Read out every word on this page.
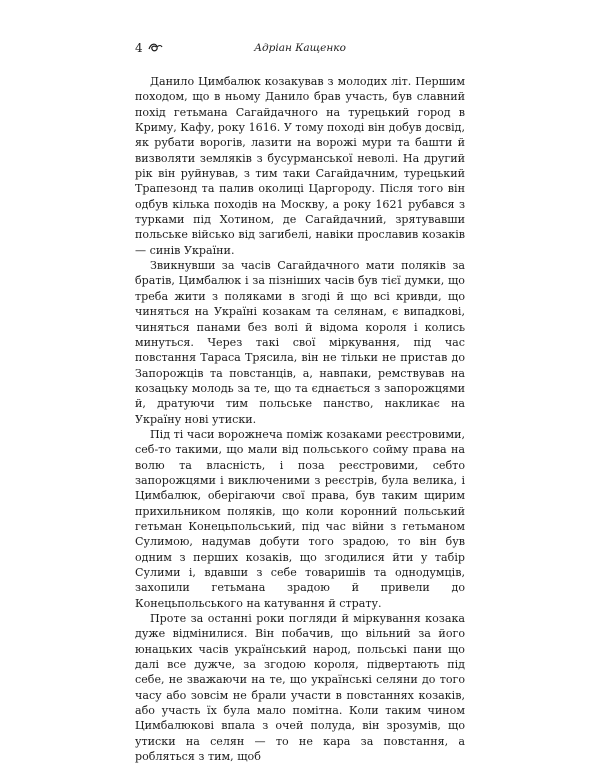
4	Адріан Кащенко

Данило Цимбалюк козакував з молодих літ. Першим походом, що в ньому Данило брав участь, був славний похід гетьмана Сагайдачного на турецький город в Криму, Кафу, року 1616. У тому поході він добув досвід, як рубати ворогів, лазити на ворожі мури та башти й визволяти земляків з бусурманської неволі. На другий рік він руйнував, з тим таки Сагайдачним, турецький Трапезонд та палив околиці Царгороду. Після того він одбув кілька походів на Москву, а року 1621 рубався з турками під Хотином, де Сагайдачний, зрятувавши польське військо від загибелі, навіки прославив козаків — синів України.

Звикнувши за часів Сагайдачного мати поляків за братів, Цимбалюк і за пізніших часів був тієї думки, що треба жити з поляками в згоді й що всі кривди, що чиняться на Україні козакам та селянам, є випадкові, чиняться панами без волі й відома короля і колись минуться. Через такі свої міркування, під час повстання Тараса Трясила, він не тільки не пристав до Запорожців та повстанців, а, навпаки, ремствував на козацьку молодь за те, що та єднається з запорожцями й, дратуючи тим польське панство, накликає на Україну нові утиски.

Під ті часи ворожнеча поміж козаками реєстровими, себ-то такими, що мали від польського сойму права на волю та власність, і поза реєстровими, себто запорожцями і виключеними з реєстрів, була велика, і Цимбалюк, оберігаючи свої права, був таким щирим прихильником поляків, що коли коронний польський гетьман Конецьпольський, під час війни з гетьманом Сулимою, надумав добути того зрадою, то він був одним з перших козаків, що згодилися йти у табір Сулими і, вдавши з себе товаришів та однодумців, захопили гетьмана зрадою й привели до Конецьпольського на катування й страту.

Проте за останні роки погляди й міркування козака дуже відмінилися. Він побачив, що вільний за його юнацьких часів український народ, польські пани що далі все дужче, за згодою короля, підвертають під себе, не зважаючи на те, що українські селяни до того часу або зовсім не брали участи в повстаннях козаків, або участь їх була мало помітна. Коли таким чином Цимбалюкові впала з очей полуда, він зрозумів, що утиски на селян — то не кара за повстання, а робляться з тим, щоб
